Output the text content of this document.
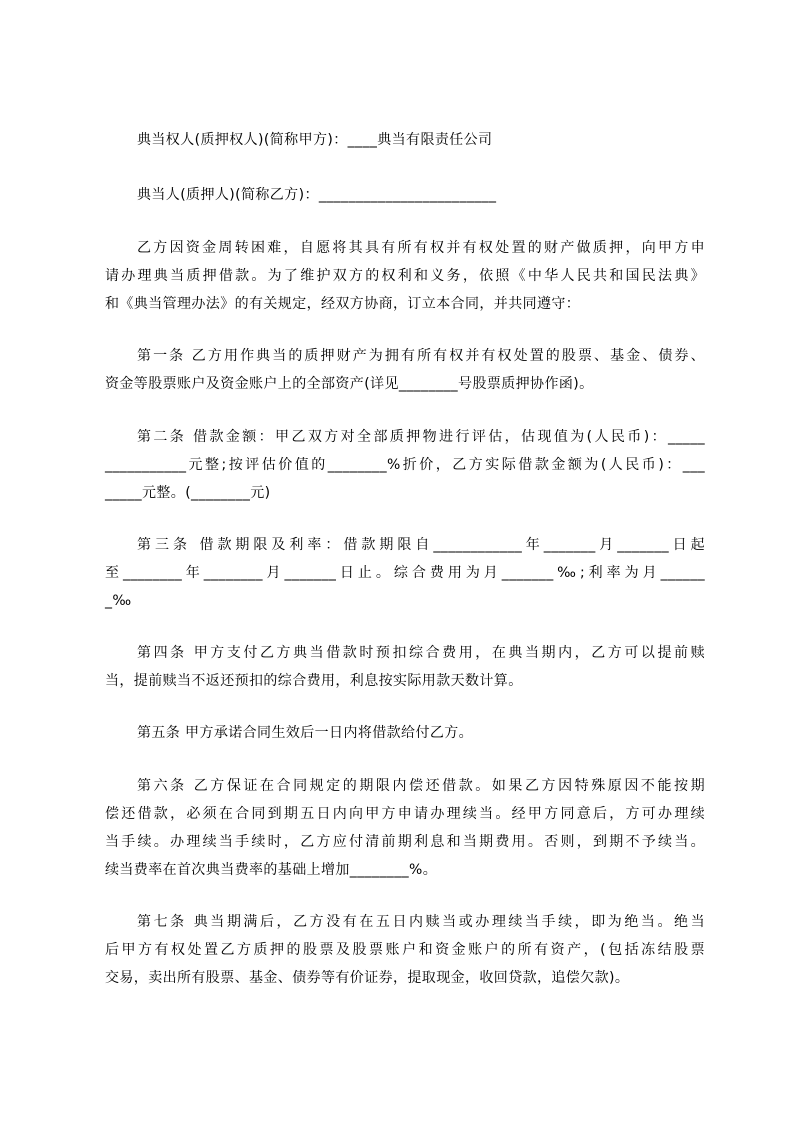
典当权人(质押权人)(简称甲方)：____典当有限责任公司
典当人(质押人)(简称乙方)：________________________
乙方因资金周转困难，自愿将其具有所有权并有权处置的财产做质押，向甲方申
请办理典当质押借款。为了维护双方的权利和义务，依照《中华人民共和国民法典》
和《典当管理办法》的有关规定，经双方协商，订立本合同，并共同遵守：
第一条 乙方用作典当的质押财产为拥有所有权并有权处置的股票、基金、债券、
资金等股票账户及资金账户上的全部资产(详见________号股票质押协作函)。
第二条 借款金额：甲乙双方对全部质押物进行评估，估现值为(人民币)：_____
___________元整;按评估价值的________%折价，乙方实际借款金额为(人民币)：___
_____元整。(________元)
第三条 借款期限及利率：借款期限自____________年_______月_______日起
至________年________月_______日止。综合费用为月_______‰;利率为月______
_‰
第四条 甲方支付乙方典当借款时预扣综合费用，在典当期内，乙方可以提前赎
当，提前赎当不返还预扣的综合费用，利息按实际用款天数计算。
第五条 甲方承诺合同生效后一日内将借款给付乙方。
第六条 乙方保证在合同规定的期限内偿还借款。如果乙方因特殊原因不能按期
偿还借款，必须在合同到期五日内向甲方申请办理续当。经甲方同意后，方可办理续
当手续。办理续当手续时，乙方应付清前期利息和当期费用。否则，到期不予续当。
续当费率在首次典当费率的基础上增加________%。
第七条 典当期满后，乙方没有在五日内赎当或办理续当手续，即为绝当。绝当
后甲方有权处置乙方质押的股票及股票账户和资金账户的所有资产，(包括冻结股票
交易，卖出所有股票、基金、债券等有价证券，提取现金，收回贷款，追偿欠款)。
